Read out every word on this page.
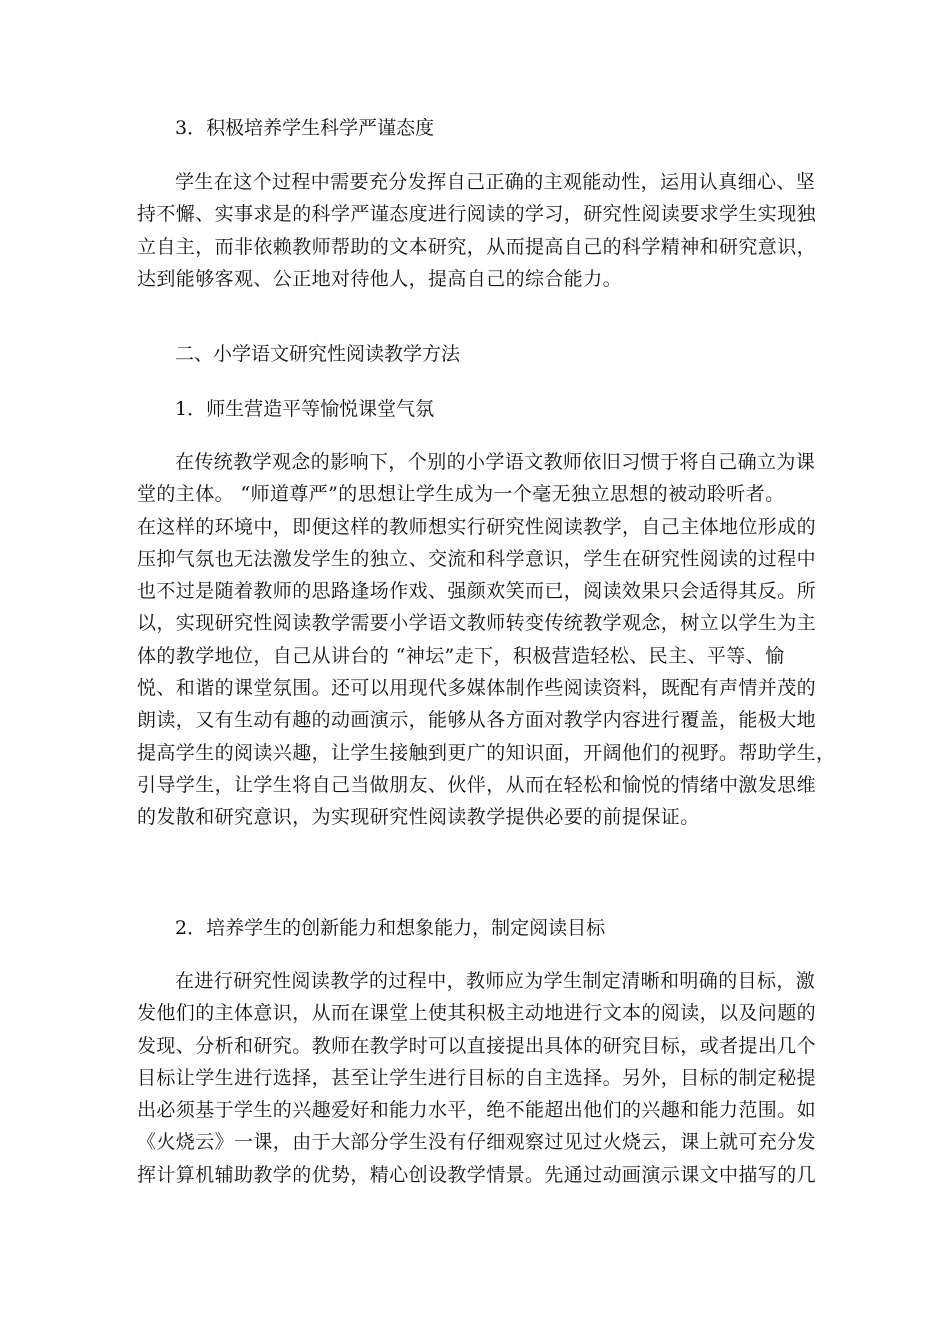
3．积极培养学生科学严谨态度
学生在这个过程中需要充分发挥自己正确的主观能动性，运用认真细心、坚
持不懈、实事求是的科学严谨态度进行阅读的学习，研究性阅读要求学生实现独
立自主，而非依赖教师帮助的文本研究，从而提高自己的科学精神和研究意识，
达到能够客观、公正地对待他人，提高自己的综合能力。
二、小学语文研究性阅读教学方法
1．师生营造平等愉悦课堂气氛
在传统教学观念的影响下，个别的小学语文教师依旧习惯于将自己确立为课
堂的主体。 “师道尊严”的思想让学生成为一个毫无独立思想的被动聆听者。
在这样的环境中，即便这样的教师想实行研究性阅读教学，自己主体地位形成的
压抑气氛也无法激发学生的独立、交流和科学意识，学生在研究性阅读的过程中
也不过是随着教师的思路逢场作戏、强颜欢笑而已，阅读效果只会适得其反。所
以，实现研究性阅读教学需要小学语文教师转变传统教学观念，树立以学生为主
体的教学地位，自己从讲台的 “神坛”走下，积极营造轻松、民主、平等、愉
悦、和谐的课堂氛围。还可以用现代多媒体制作些阅读资料，既配有声情并茂的
朗读，又有生动有趣的动画演示，能够从各方面对教学内容进行覆盖，能极大地
提高学生的阅读兴趣，让学生接触到更广的知识面，开阔他们的视野。帮助学生，
引导学生，让学生将自己当做朋友、伙伴，从而在轻松和愉悦的情绪中激发思维
的发散和研究意识，为实现研究性阅读教学提供必要的前提保证。
2．培养学生的创新能力和想象能力，制定阅读目标
在进行研究性阅读教学的过程中，教师应为学生制定清晰和明确的目标，激
发他们的主体意识，从而在课堂上使其积极主动地进行文本的阅读，以及问题的
发现、分析和研究。教师在教学时可以直接提出具体的研究目标，或者提出几个
目标让学生进行选择，甚至让学生进行目标的自主选择。另外，目标的制定秘提
出必须基于学生的兴趣爱好和能力水平，绝不能超出他们的兴趣和能力范围。如
《火烧云》一课，由于大部分学生没有仔细观察过见过火烧云，课上就可充分发
挥计算机辅助教学的优势，精心创设教学情景。先通过动画演示课文中描写的几
